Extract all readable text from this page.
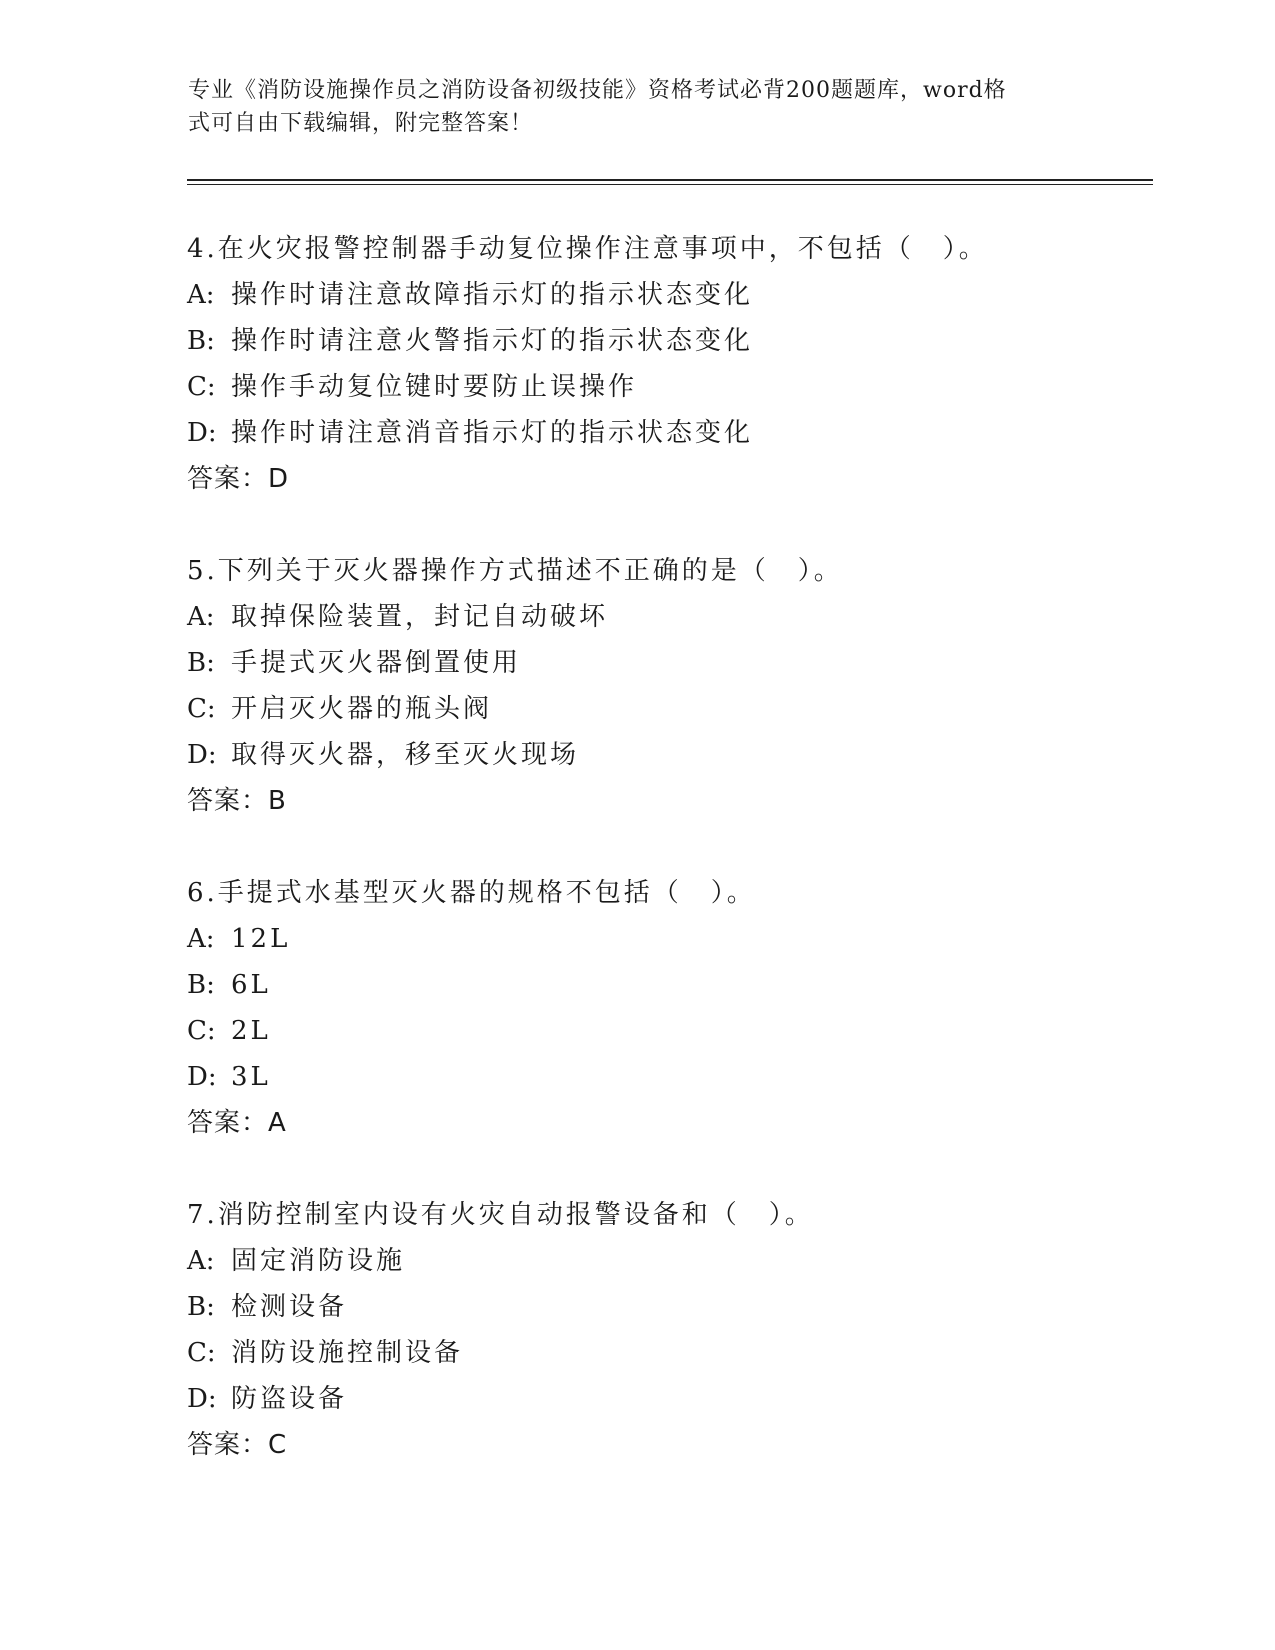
专业《消防设施操作员之消防设备初级技能》资格考试必背200题题库，word格
式可自由下载编辑，附完整答案！
4.在火灾报警控制器手动复位操作注意事项中，不包括（　）。
A: 操作时请注意故障指示灯的指示状态变化
B: 操作时请注意火警指示灯的指示状态变化
C: 操作手动复位键时要防止误操作
D: 操作时请注意消音指示灯的指示状态变化
答案：D
5.下列关于灭火器操作方式描述不正确的是（　）。
A: 取掉保险装置，封记自动破坏
B: 手提式灭火器倒置使用
C: 开启灭火器的瓶头阀
D: 取得灭火器，移至灭火现场
答案：B
6.手提式水基型灭火器的规格不包括（　）。
A: 12L
B: 6L
C: 2L
D: 3L
答案：A
7.消防控制室内设有火灾自动报警设备和（　）。
A: 固定消防设施
B: 检测设备
C: 消防设施控制设备
D: 防盗设备
答案：C
